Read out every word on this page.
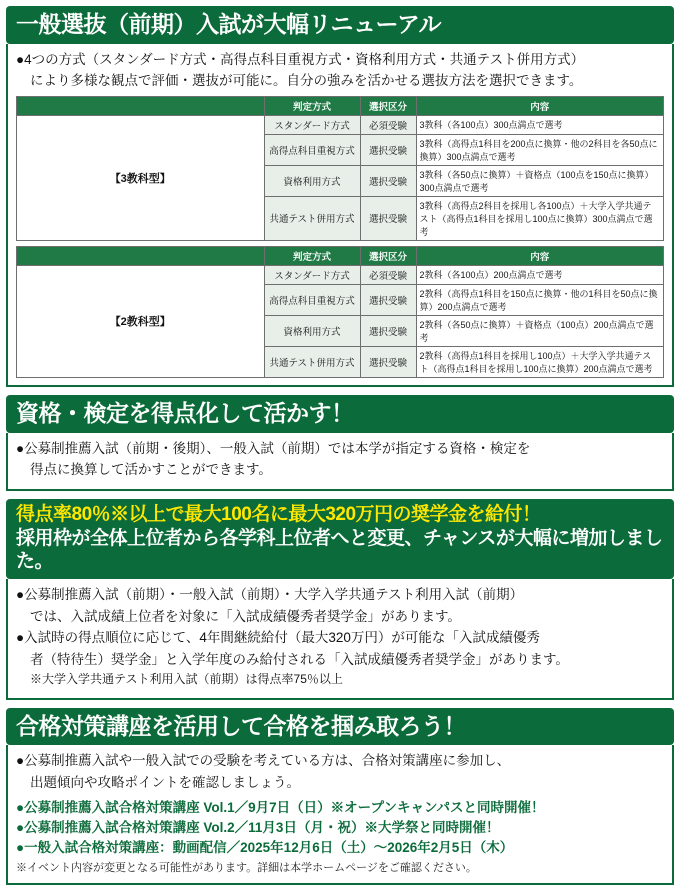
一般選抜（前期）入試が大幅リニューアル

●4つの方式（スタンダード方式・高得点科目重視方式・資格利用方式・共通テスト併用方式）

により多様な観点で評価・選抜が可能に。自分の強みを活かせる選抜方法を選択できます。

	判定方式	選択区分	内容
【3教科型】	スタンダード方式	必須受験	3教科（各100点）300点満点で選考
	高得点科目重視方式	選択受験	3教科（高得点1科目を200点に換算・他の2科目を各50点に換算）300点満点で選考
	資格利用方式	選択受験	3教科（各50点に換算）＋資格点（100点を150点に換算）300点満点で選考
	共通テスト併用方式	選択受験	3教科（高得点2科目を採用し各100点）＋大学入学共通テスト（高得点1科目を採用し100点に換算）300点満点で選考
	判定方式	選択区分	内容
【2教科型】	スタンダード方式	必須受験	2教科（各100点）200点満点で選考
	高得点科目重視方式	選択受験	2教科（高得点1科目を150点に換算・他の1科目を50点に換算）200点満点で選考
	資格利用方式	選択受験	2教科（各50点に換算）＋資格点（100点）200点満点で選考
	共通テスト併用方式	選択受験	2教科（高得点1科目を採用し100点）＋大学入学共通テスト（高得点1科目を採用し100点に換算）200点満点で選考
資格・検定を得点化して活かす！

●公募制推薦入試（前期・後期）、一般入試（前期）では本学が指定する資格・検定を

得点に換算して活かすことができます。

得点率80％※以上で最大100名に最大320万円の奨学金を給付！
採用枠が全体上位者から各学科上位者へと変更、チャンスが大幅に増加しました。

●公募制推薦入試（前期）・一般入試（前期）・大学入学共通テスト利用入試（前期）

では、入試成績上位者を対象に「入試成績優秀者奨学金」があります。

●入試時の得点順位に応じて、4年間継続給付（最大320万円）が可能な「入試成績優秀

者（特待生）奨学金」と入学年度のみ給付される「入試成績優秀者奨学金」があります。

※大学入学共通テスト利用入試（前期）は得点率75％以上

合格対策講座を活用して合格を掴み取ろう！

●公募制推薦入試や一般入試での受験を考えている方は、合格対策講座に参加し、

出題傾向や攻略ポイントを確認しましょう。

●公募制推薦入試合格対策講座 Vol.1／9月7日（日）※オープンキャンパスと同時開催！
●公募制推薦入試合格対策講座 Vol.2／11月3日（月・祝）※大学祭と同時開催！
●一般入試合格対策講座：動画配信／2025年12月6日（土）〜2026年2月5日（木）
※イベント内容が変更となる可能性があります。詳細は本学ホームページをご確認ください。
